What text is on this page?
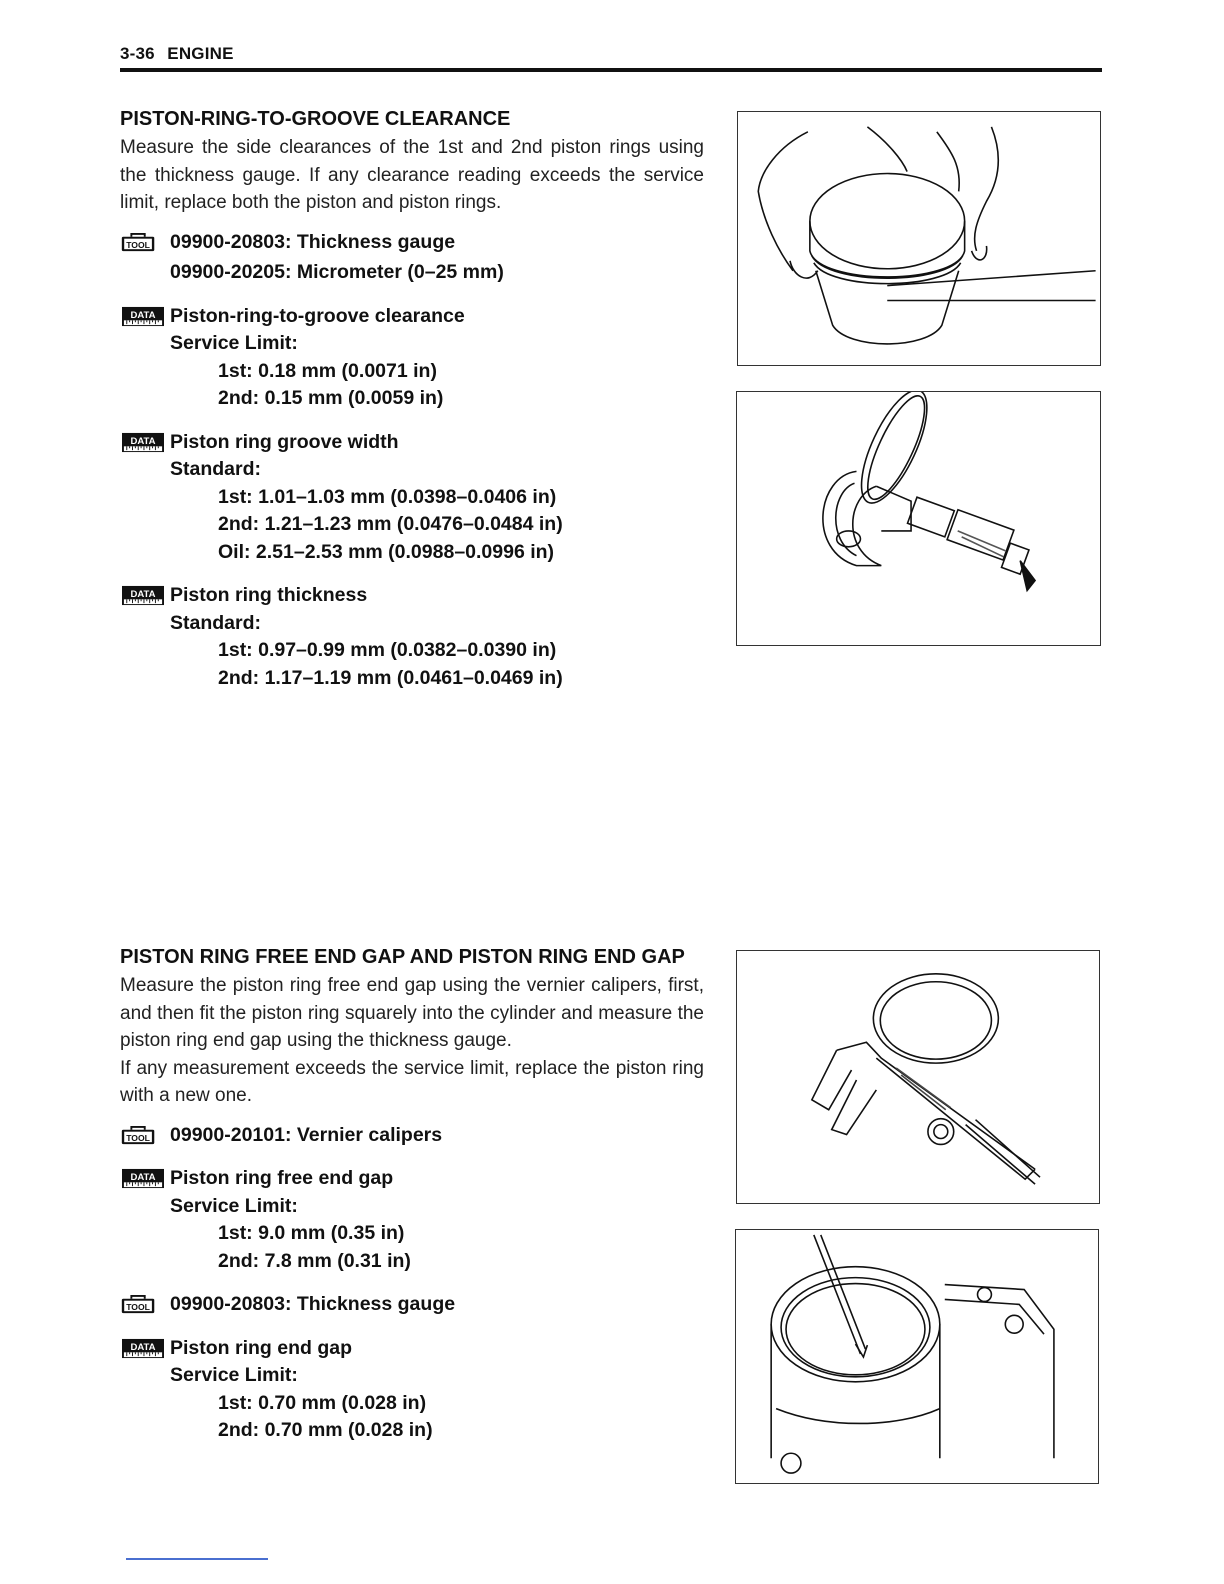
3-36 ENGINE
PISTON-RING-TO-GROOVE CLEARANCE

Measure the side clearances of the 1st and 2nd piston rings using the thickness gauge. If any clearance reading exceeds the service limit, replace both the piston and piston rings.

TOOL 09900-20803: Thickness gauge
09900-20205: Micrometer (0–25 mm)
DATA Piston-ring-to-groove clearance
Service Limit:
1st: 0.18 mm (0.0071 in)
2nd: 0.15 mm (0.0059 in)
DATA Piston ring groove width
Standard:
1st: 1.01–1.03 mm (0.0398–0.0406 in)
2nd: 1.21–1.23 mm (0.0476–0.0484 in)
Oil: 2.51–2.53 mm (0.0988–0.0996 in)
DATA Piston ring thickness
Standard:
1st: 0.97–0.99 mm (0.0382–0.0390 in)
2nd: 1.17–1.19 mm (0.0461–0.0469 in)
PISTON RING FREE END GAP AND PISTON RING END GAP

Measure the piston ring free end gap using the vernier calipers, first, and then fit the piston ring squarely into the cylinder and measure the piston ring end gap using the thickness gauge.

If any measurement exceeds the service limit, replace the piston ring with a new one.

TOOL 09900-20101: Vernier calipers
DATA Piston ring free end gap
Service Limit:
1st: 9.0 mm (0.35 in)
2nd: 7.8 mm (0.31 in)
TOOL 09900-20803: Thickness gauge
DATA Piston ring end gap
Service Limit:
1st: 0.70 mm (0.028 in)
2nd: 0.70 mm (0.028 in)
